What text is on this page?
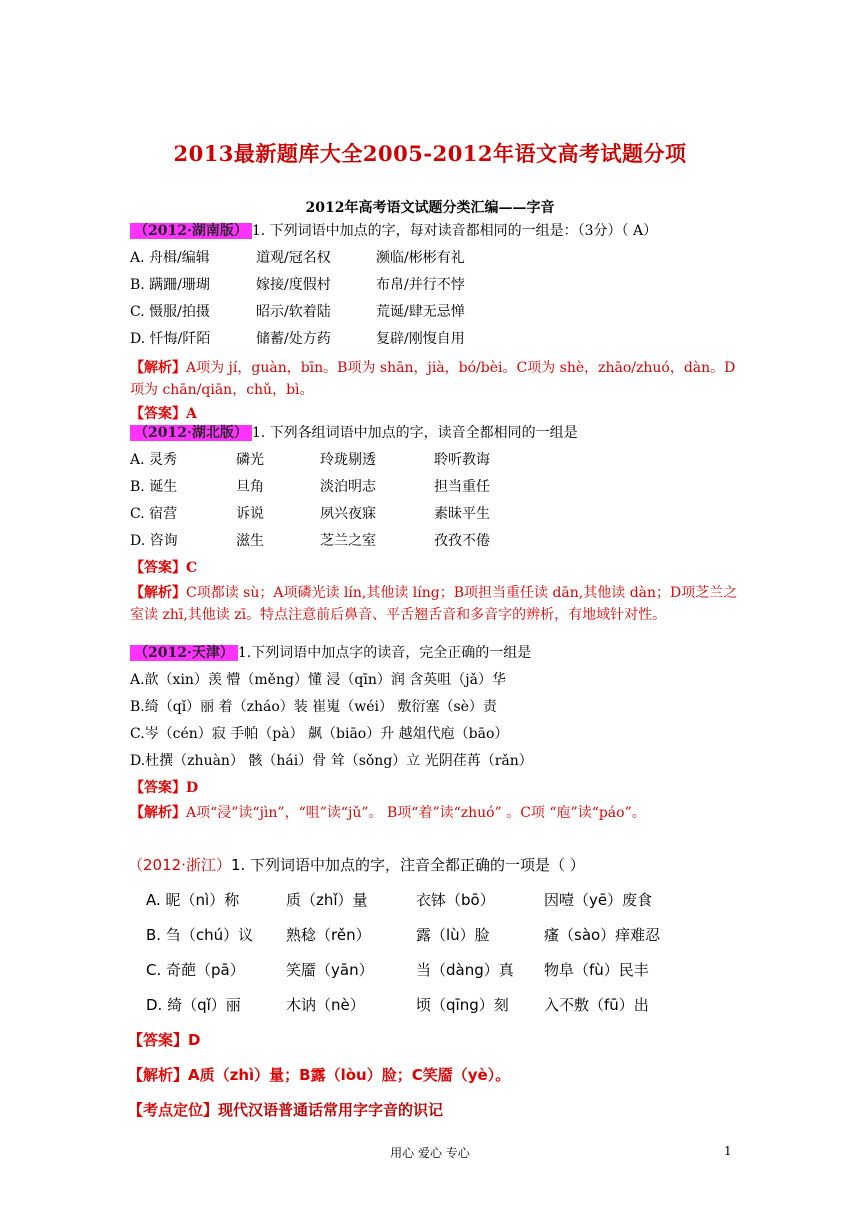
2013最新题库大全2005-2012年语文高考试题分项
2012年高考语文试题分类汇编——字音
（2012·湖南版） 1. 下列词语中加点的字，每对读音都相同的一组是：（3分）（ A）
A. 舟楫/编辑	道观/冠名权	濒临/彬彬有礼
B. 蹒跚/珊瑚	嫁接/度假村	布帛/并行不悖
C. 慑服/拍摄	昭示/软着陆	荒诞/肆无忌惮
D. 忏悔/阡陌	储蓄/处方药	复辟/刚愎自用
【解析】A项为 jí，guàn，bīn。B项为 shān，jià，bó/bèi。C项为 shè，zhāo/zhuó，dàn。D项为 chān/qiān，chǔ，bì。
【答案】A
（2012·湖北版） 1. 下列各组词语中加点的字，读音全都相同的一组是
A. 灵秀	磷光	玲珑剔透	聆听教诲
B. 诞生	旦角	淡泊明志	担当重任
C. 宿营	诉说	夙兴夜寐	素昧平生
D. 咨询	滋生	芝兰之室	孜孜不倦
【答案】C
【解析】C项都读 sù；A项磷光读 lín,其他读 líng；B项担当重任读 dān,其他读 dàn；D项芝兰之室读 zhī,其他读 zī。特点注意前后鼻音、平舌翘舌音和多音字的辨析，有地域针对性。
（2012·天津） 1.下列词语中加点字的读音，完全正确的一组是
A.歆（xin）羡 懵（měng）懂 浸（qīn）润 含英咀（jǎ）华
B.绮（qǐ）丽 着（zháo）装 崔嵬（wéi） 敷衍塞（sè）责
C.岑（cén）寂 手帕（pà） 飙（biāo）升 越俎代庖（bāo）
D.杜撰（zhuàn） 骸（hái）骨 耸（sǒng）立 光阴荏苒（rǎn）
【答案】D
【解析】A项“浸”读“jìn”，“咀”读“jǔ”。 B项“着”读“zhuó” 。C项 “庖”读“páo”。
（2012·浙江）1. 下列词语中加点的字，注音全都正确的一项是（ ）
A. 昵（nì）称	质（zhǐ）量	衣钵（bō）	因噎（yē）废食
B. 刍（chú）议 熟稔（rěn）	露（lù）脸	瘙（sào）痒难忍
C. 奇葩（pā）	笑靥（yān）	当（dàng）真 物阜（fù）民丰
D. 绮（qǐ）丽	木讷（nè）	顷（qīng）刻 入不敷（fū）出
【答案】D
【解析】A质（zhì）量；B露（lòu）脸；C笑靥（yè）。
【考点定位】现代汉语普通话常用字字音的识记
用心 爱心 专心	1
